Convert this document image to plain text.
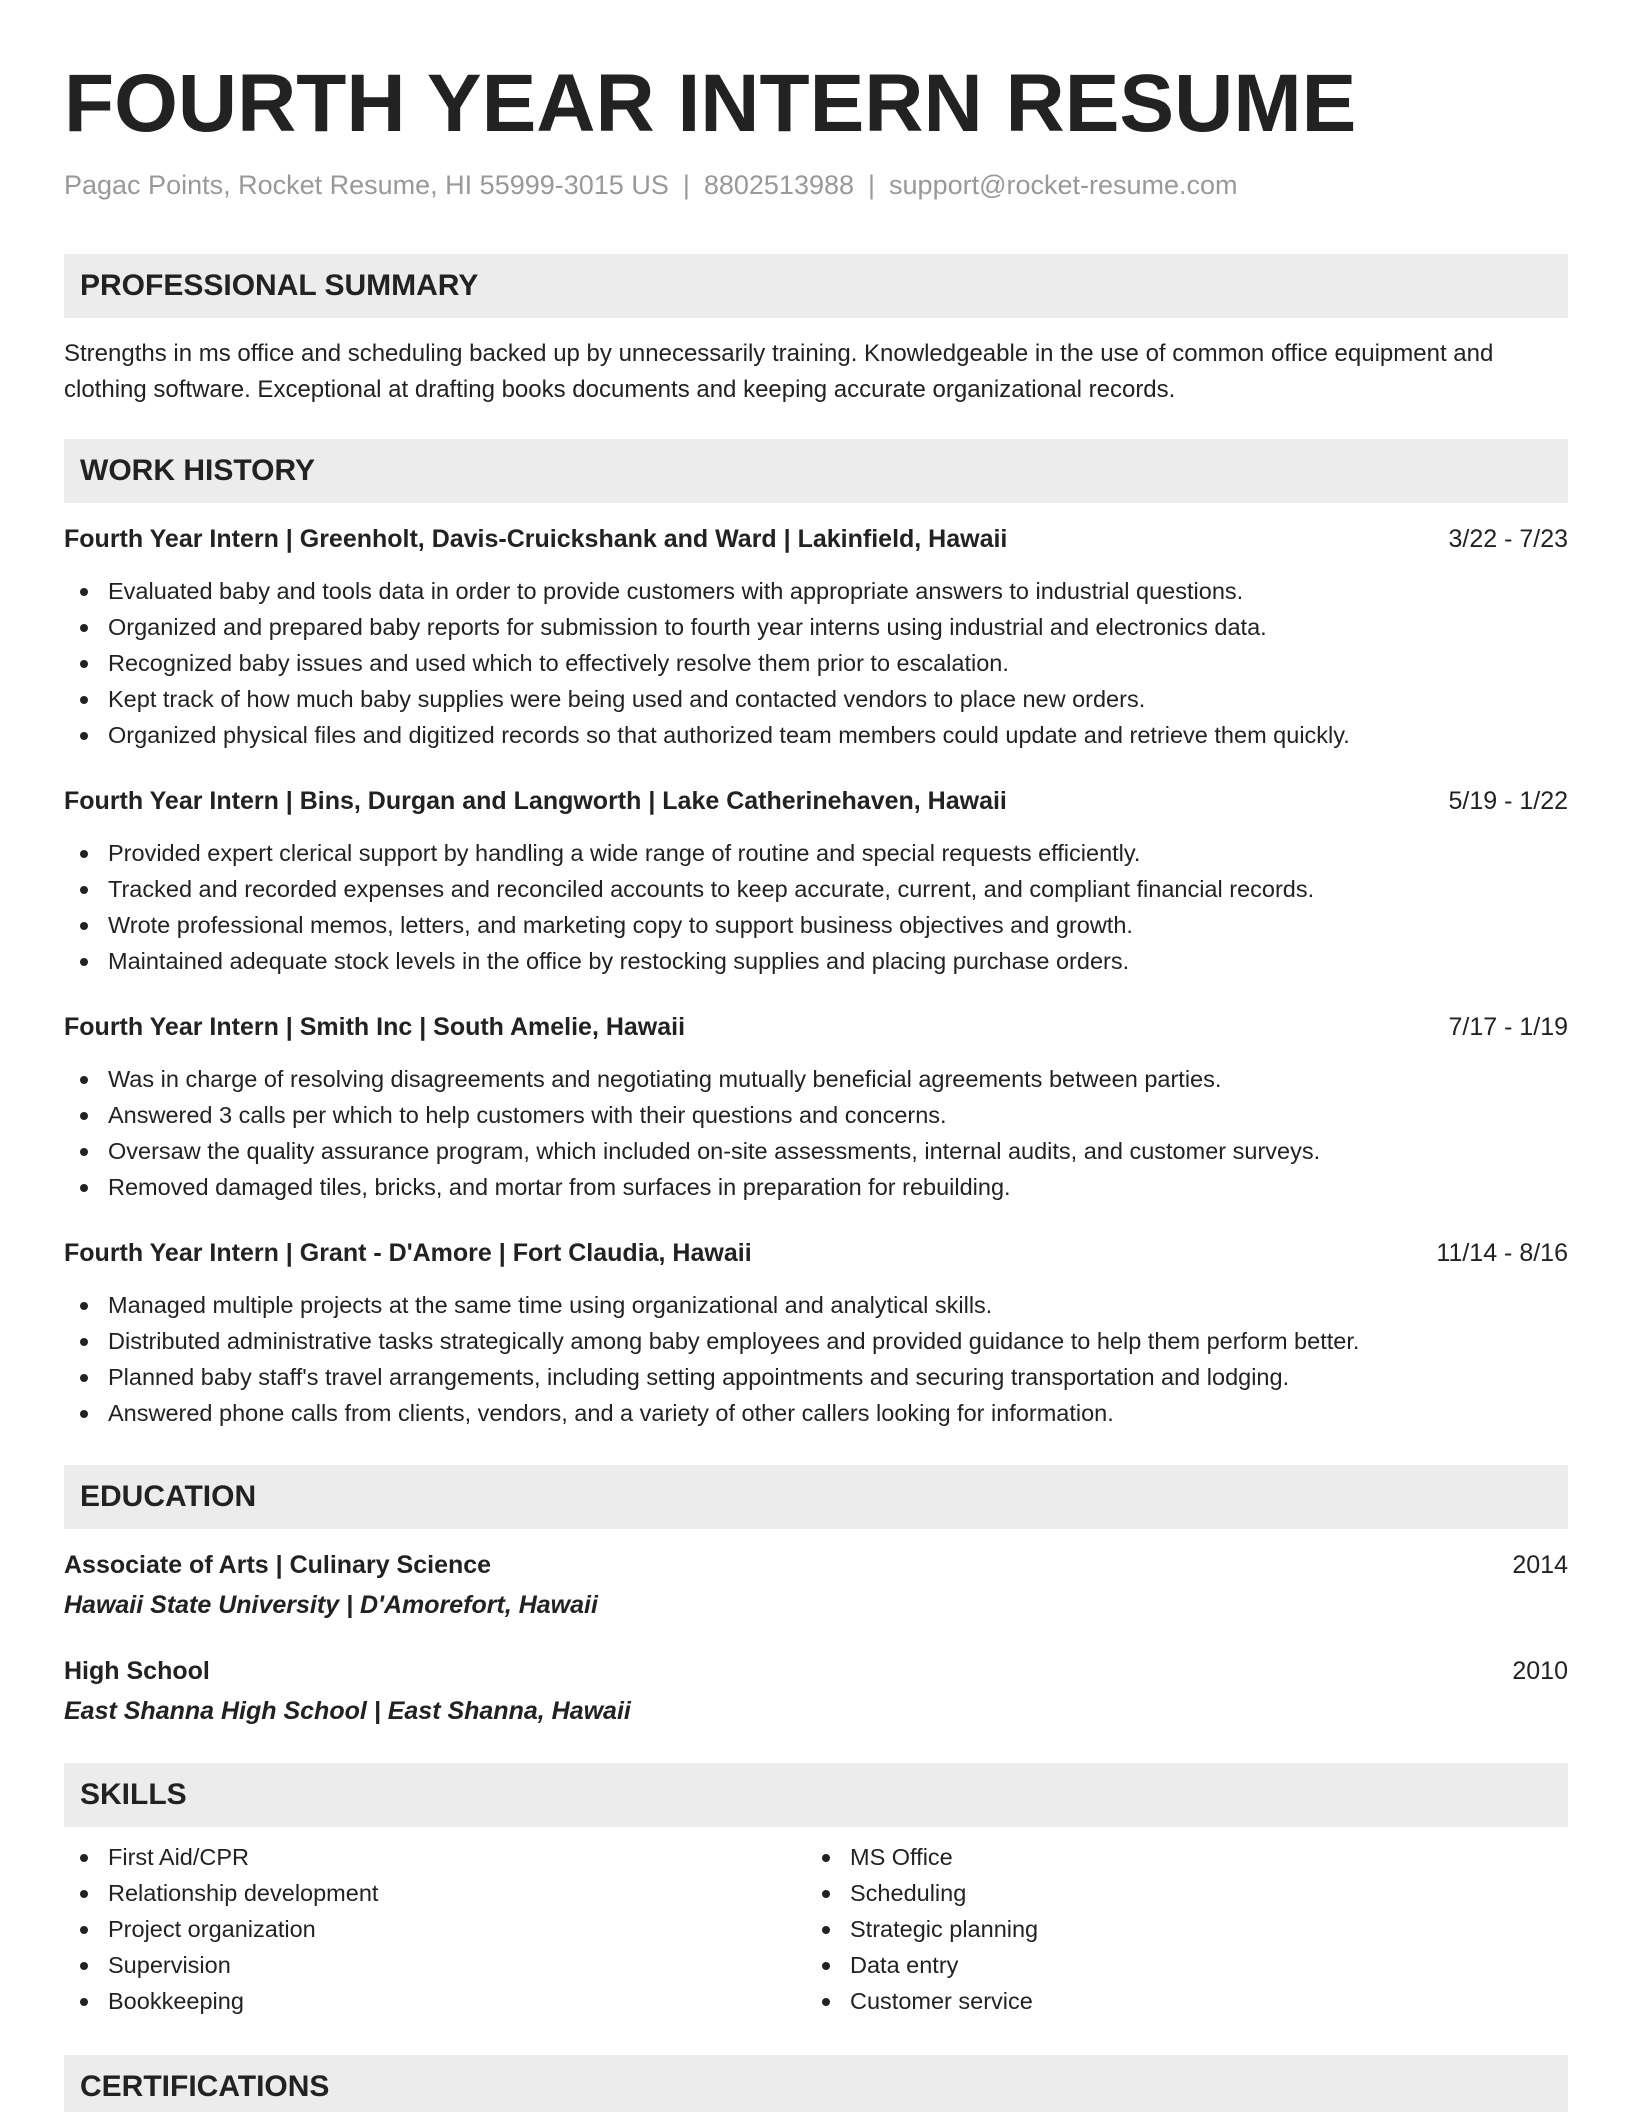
FOURTH YEAR INTERN RESUME
Pagac Points, Rocket Resume, HI 55999-3015 US | 8802513988 | support@rocket-resume.com
PROFESSIONAL SUMMARY

Strengths in ms office and scheduling backed up by unnecessarily training. Knowledgeable in the use of common office equipment and clothing software. Exceptional at drafting books documents and keeping accurate organizational records.

WORK HISTORY
Fourth Year Intern | Greenholt, Davis-Cruickshank and Ward | Lakinfield, Hawaii	3/22 - 7/23
Evaluated baby and tools data in order to provide customers with appropriate answers to industrial questions.
Organized and prepared baby reports for submission to fourth year interns using industrial and electronics data.
Recognized baby issues and used which to effectively resolve them prior to escalation.
Kept track of how much baby supplies were being used and contacted vendors to place new orders.
Organized physical files and digitized records so that authorized team members could update and retrieve them quickly.
Fourth Year Intern | Bins, Durgan and Langworth | Lake Catherinehaven, Hawaii	5/19 - 1/22
Provided expert clerical support by handling a wide range of routine and special requests efficiently.
Tracked and recorded expenses and reconciled accounts to keep accurate, current, and compliant financial records.
Wrote professional memos, letters, and marketing copy to support business objectives and growth.
Maintained adequate stock levels in the office by restocking supplies and placing purchase orders.
Fourth Year Intern | Smith Inc | South Amelie, Hawaii	7/17 - 1/19
Was in charge of resolving disagreements and negotiating mutually beneficial agreements between parties.
Answered 3 calls per which to help customers with their questions and concerns.
Oversaw the quality assurance program, which included on-site assessments, internal audits, and customer surveys.
Removed damaged tiles, bricks, and mortar from surfaces in preparation for rebuilding.
Fourth Year Intern | Grant - D'Amore | Fort Claudia, Hawaii	11/14 - 8/16
Managed multiple projects at the same time using organizational and analytical skills.
Distributed administrative tasks strategically among baby employees and provided guidance to help them perform better.
Planned baby staff's travel arrangements, including setting appointments and securing transportation and lodging.
Answered phone calls from clients, vendors, and a variety of other callers looking for information.
EDUCATION
Associate of Arts | Culinary Science	2014
Hawaii State University | D'Amorefort, Hawaii
High School	2010
East Shanna High School | East Shanna, Hawaii
SKILLS
First Aid/CPR
Relationship development
Project organization
Supervision
Bookkeeping
MS Office
Scheduling
Strategic planning
Data entry
Customer service
CERTIFICATIONS
